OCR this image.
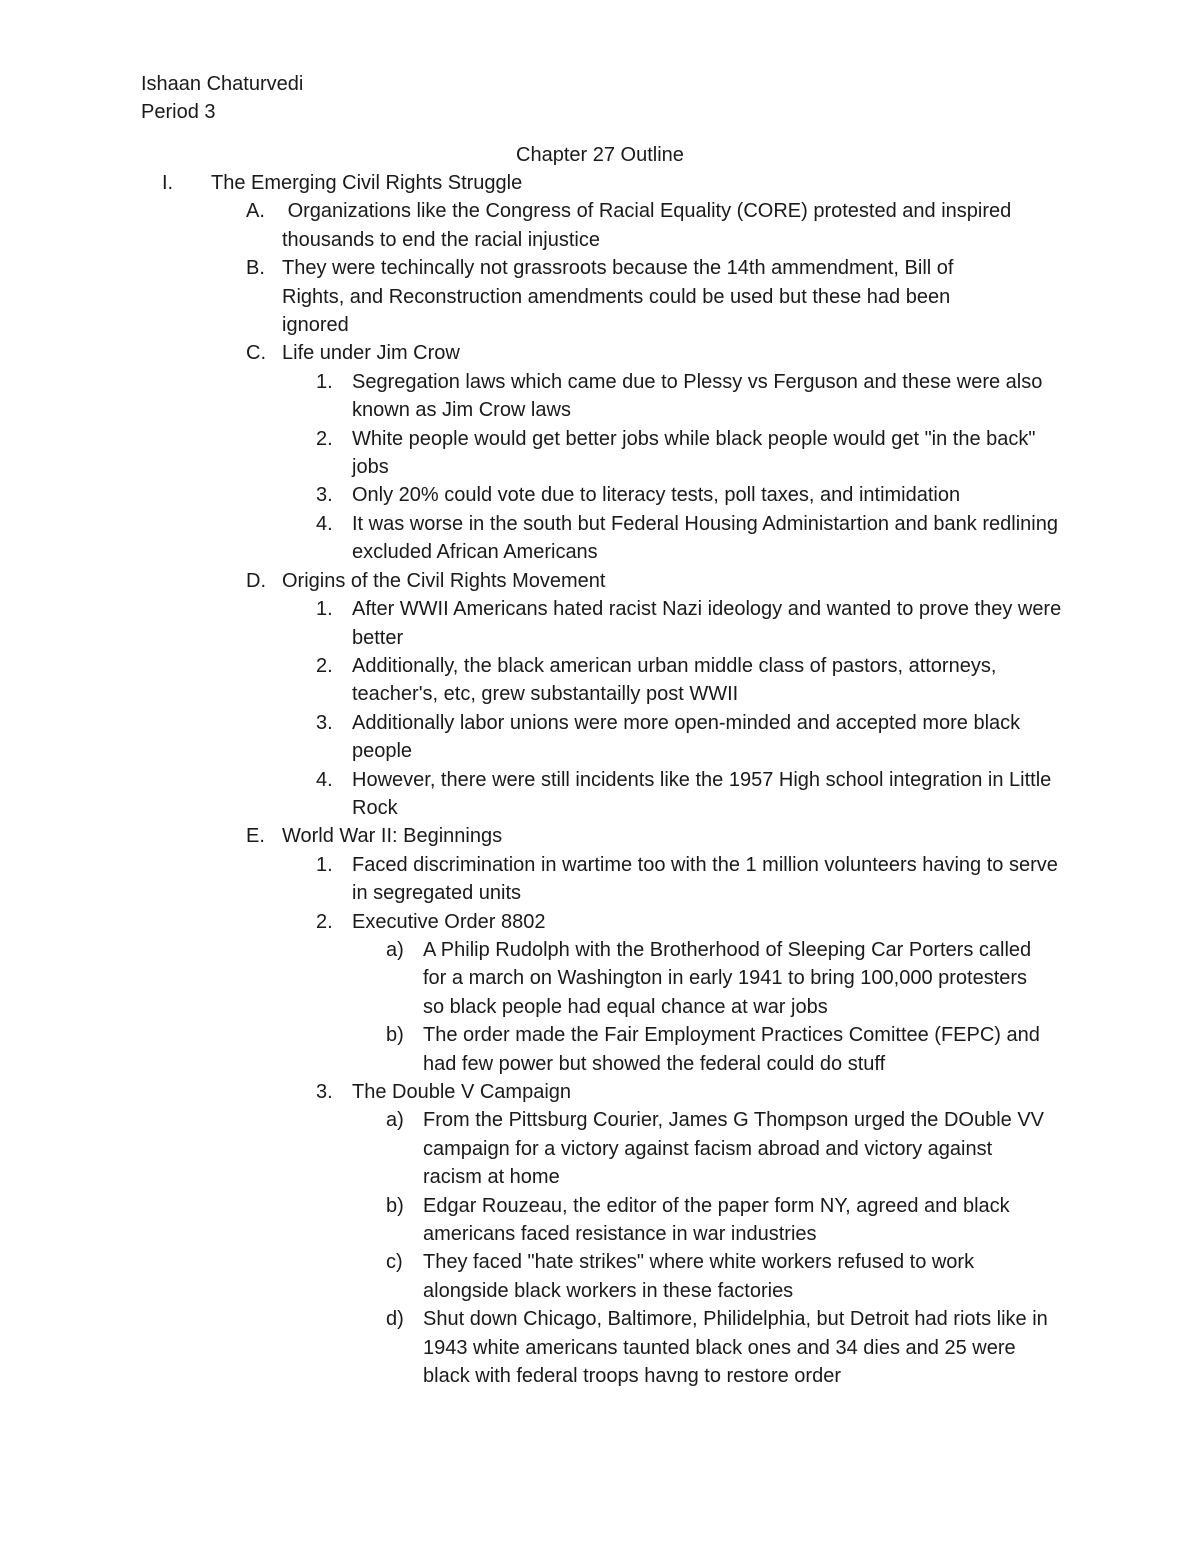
Ishaan Chaturvedi
Period 3
Chapter 27 Outline
I. The Emerging Civil Rights Struggle
A. Organizations like the Congress of Racial Equality (CORE) protested and inspired thousands to end the racial injustice
B. They were techincally not grassroots because the 14th ammendment, Bill of Rights, and Reconstruction amendments could be used but these had been ignored
C. Life under Jim Crow
1. Segregation laws which came due to Plessy vs Ferguson and these were also known as Jim Crow laws
2. White people would get better jobs while black people would get "in the back" jobs
3. Only 20% could vote due to literacy tests, poll taxes, and intimidation
4. It was worse in the south but Federal Housing Administartion and bank redlining excluded African Americans
D. Origins of the Civil Rights Movement
1. After WWII Americans hated racist Nazi ideology and wanted to prove they were better
2. Additionally, the black american urban middle class of pastors, attorneys, teacher's, etc, grew substantailly post WWII
3. Additionally labor unions were more open-minded and accepted more black people
4. However, there were still incidents like the 1957 High school integration in Little Rock
E. World War II: Beginnings
1. Faced discrimination in wartime too with the 1 million volunteers having to serve in segregated units
2. Executive Order 8802
a) A Philip Rudolph with the Brotherhood of Sleeping Car Porters called for a march on Washington in early 1941 to bring 100,000 protesters so black people had equal chance at war jobs
b) The order made the Fair Employment Practices Comittee (FEPC) and had few power but showed the federal could do stuff
3. The Double V Campaign
a) From the Pittsburg Courier, James G Thompson urged the DOuble VV campaign for a victory against facism abroad and victory against racism at home
b) Edgar Rouzeau, the editor of the paper form NY, agreed and black americans faced resistance in war industries
c) They faced "hate strikes" where white workers refused to work alongside black workers in these factories
d) Shut down Chicago, Baltimore, Philidelphia, but Detroit had riots like in 1943 white americans taunted black ones and 34 dies and 25 were black with federal troops havng to restore order
